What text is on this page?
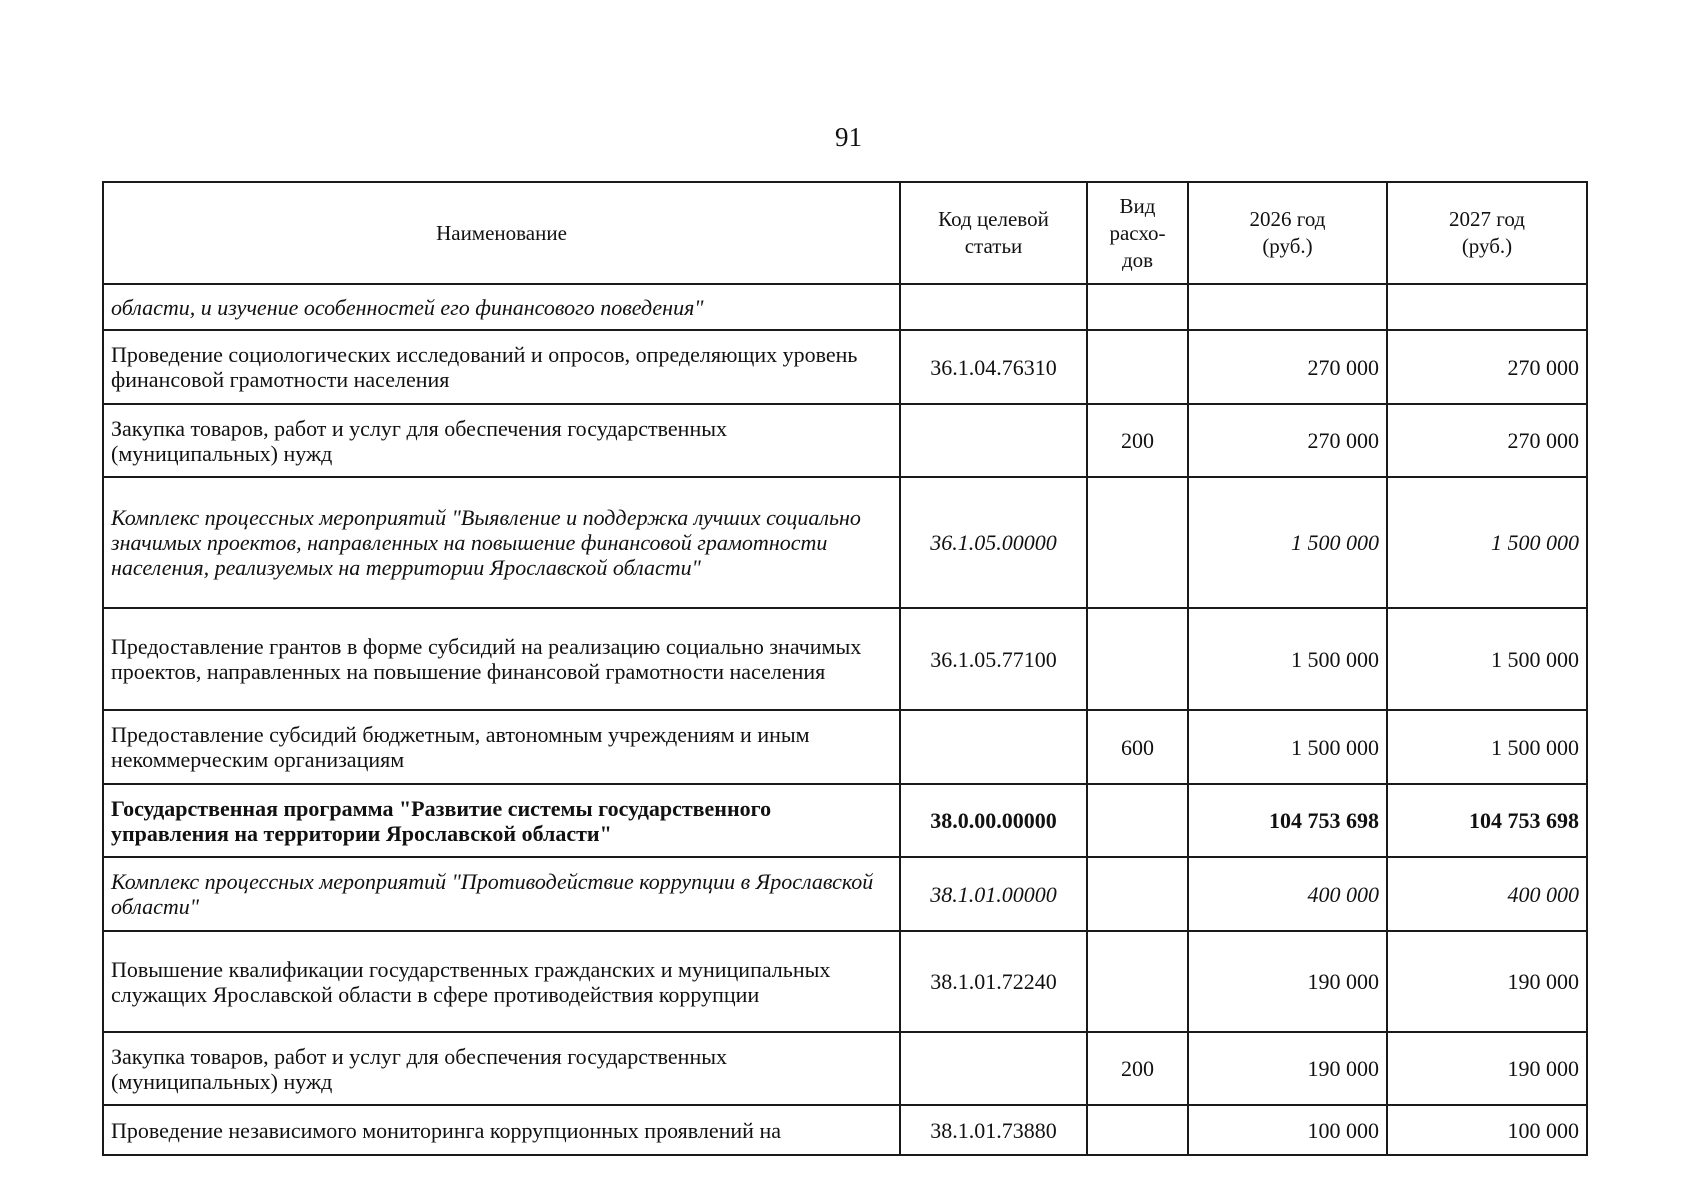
91
Наименование	Код целевой статьи	Вид расхо-дов	2026 год (руб.)	2027 год (руб.)
области, и изучение особенностей его финансового поведения"				
Проведение социологических исследований и опросов, определяющих уровень финансовой грамотности населения	36.1.04.76310		270 000	270 000
Закупка товаров, работ и услуг для обеспечения государственных (муниципальных) нужд		200	270 000	270 000
Комплекс процессных мероприятий "Выявление и поддержка лучших социально значимых проектов, направленных на повышение финансовой грамотности населения, реализуемых на территории Ярославской области"	36.1.05.00000		1 500 000	1 500 000
Предоставление грантов в форме субсидий на реализацию социально значимых проектов, направленных на повышение финансовой грамотности населения	36.1.05.77100		1 500 000	1 500 000
Предоставление субсидий бюджетным, автономным учреждениям и иным некоммерческим организациям		600	1 500 000	1 500 000
Государственная программа "Развитие системы государственного управления на территории Ярославской области"	38.0.00.00000		104 753 698	104 753 698
Комплекс процессных мероприятий "Противодействие коррупции в Ярославской области"	38.1.01.00000		400 000	400 000
Повышение квалификации государственных гражданских и муниципальных служащих Ярославской области в сфере противодействия коррупции	38.1.01.72240		190 000	190 000
Закупка товаров, работ и услуг для обеспечения государственных (муниципальных) нужд		200	190 000	190 000
Проведение независимого мониторинга коррупционных проявлений на	38.1.01.73880		100 000	100 000
